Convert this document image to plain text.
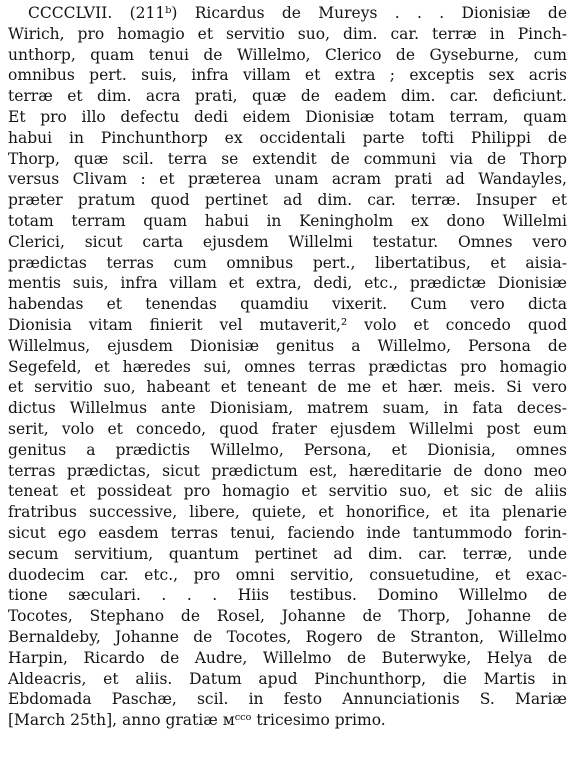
CCCCLVII. (211ᵇ) Ricardus de Mureys . . . Dionisiæ de
Wirich, pro homagio et servitio suo, dim. car. terræ in Pinch-
unthorp, quam tenui de Willelmo, Clerico de Gyseburne, cum
omnibus pert. suis, infra villam et extra ; exceptis sex acris
terræ et dim. acra prati, quæ de eadem dim. car. deficiunt.
Et pro illo defectu dedi eidem Dionisiæ totam terram, quam
habui in Pinchunthorp ex occidentali parte tofti Philippi de
Thorp, quæ scil. terra se extendit de communi via de Thorp
versus Clivam : et præterea unam acram prati ad Wandayles,
præter pratum quod pertinet ad dim. car. terræ. Insuper et
totam terram quam habui in Keningholm ex dono Willelmi
Clerici, sicut carta ejusdem Willelmi testatur. Omnes vero
prædictas terras cum omnibus pert., libertatibus, et aisia-
mentis suis, infra villam et extra, dedi, etc., prædictæ Dionisiæ
habendas et tenendas quamdiu vixerit. Cum vero dicta
Dionisia vitam finierit vel mutaverit,² volo et concedo quod
Willelmus, ejusdem Dionisiæ genitus a Willelmo, Persona de
Segefeld, et hæredes sui, omnes terras prædictas pro homagio
et servitio suo, habeant et teneant de me et hær. meis. Si vero
dictus Willelmus ante Dionisiam, matrem suam, in fata deces-
serit, volo et concedo, quod frater ejusdem Willelmi post eum
genitus a prædictis Willelmo, Persona, et Dionisia, omnes
terras prædictas, sicut prædictum est, hæreditarie de dono meo
teneat et possideat pro homagio et servitio suo, et sic de aliis
fratribus successive, libere, quiete, et honorifice, et ita plenarie
sicut ego easdem terras tenui, faciendo inde tantummodo forin-
secum servitium, quantum pertinet ad dim. car. terræ, unde
duodecim car. etc., pro omni servitio, consuetudine, et exac-
tione sæculari. . . . Hiis testibus. Domino Willelmo de
Tocotes, Stephano de Rosel, Johanne de Thorp, Johanne de
Bernaldeby, Johanne de Tocotes, Rogero de Stranton, Willelmo
Harpin, Ricardo de Audre, Willelmo de Buterwyke, Helya de
Aldeacris, et aliis. Datum apud Pinchunthorp, die Martis in
Ebdomada Paschæ, scil. in festo Annunciationis S. Mariæ
[March 25th], anno gratiæ ᴍᶜᶜᵒ tricesimo primo.
